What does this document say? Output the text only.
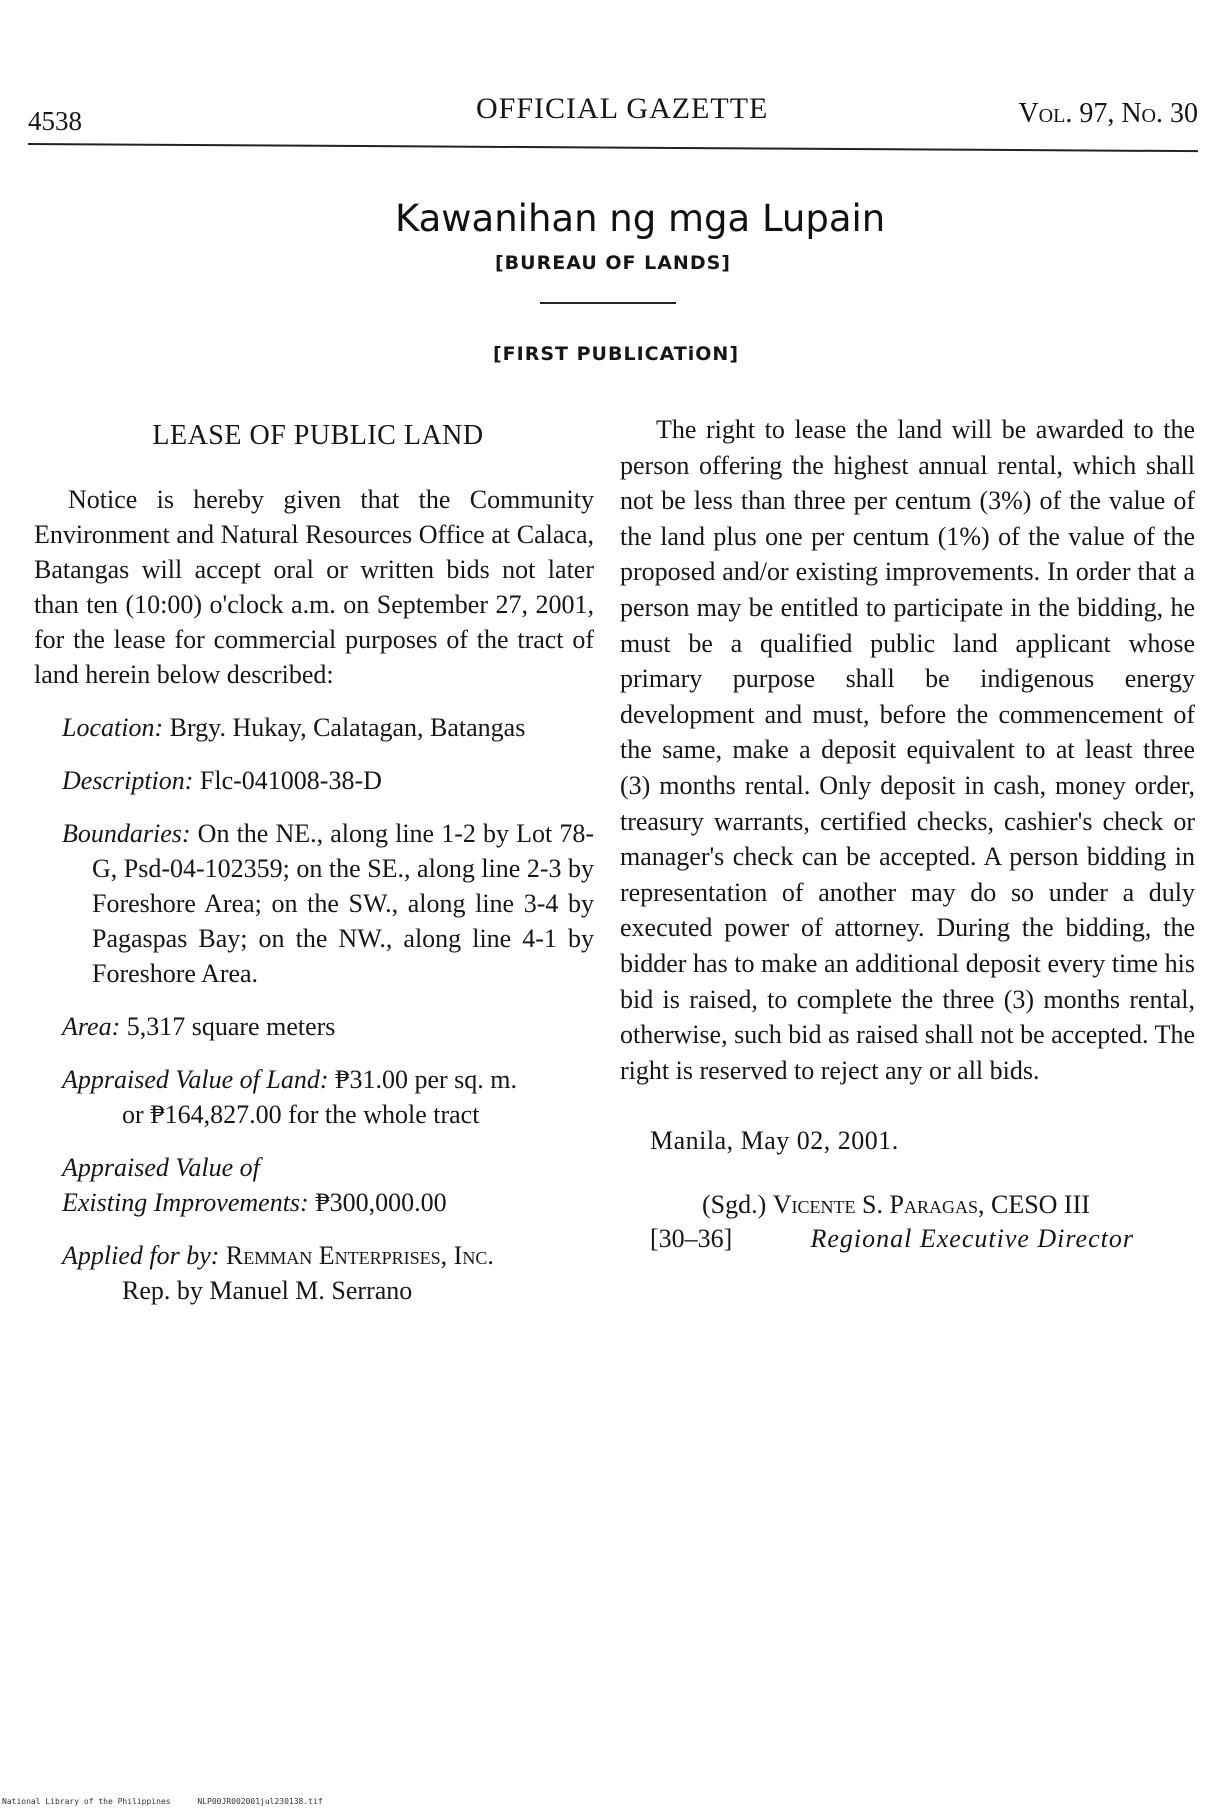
4538	OFFICIAL GAZETTE	Vol. 97, No. 30
Kawanihan ng mga Lupain
[BUREAU OF LANDS]
[FIRST PUBLICATiON]
LEASE OF PUBLIC LAND

Notice is hereby given that the Community Environment and Natural Resources Office at Calaca, Batangas will accept oral or written bids not later than ten (10:00) o'clock a.m. on September 27, 2001, for the lease for commercial purposes of the tract of land herein below described:

Location: Brgy. Hukay, Calatagan, Batangas
Description: Flc-041008-38-D
Boundaries: On the NE., along line 1-2 by Lot 78-G, Psd-04-102359; on the SE., along line 2-3 by Foreshore Area; on the SW., along line 3-4 by Pagaspas Bay; on the NW., along line 4-1 by Foreshore Area.
Area: 5,317 square meters
Appraised Value of Land: ₱31.00 per sq. m.
or ₱164,827.00 for the whole tract
Appraised Value of
Existing Improvements: ₱300,000.00
Applied for by: Remman Enterprises, Inc.
Rep. by Manuel M. Serrano

The right to lease the land will be awarded to the person offering the highest annual rental, which shall not be less than three per centum (3%) of the value of the land plus one per centum (1%) of the value of the proposed and/or existing improvements. In order that a person may be entitled to participate in the bidding, he must be a qualified public land applicant whose primary purpose shall be indigenous energy development and must, before the commencement of the same, make a deposit equivalent to at least three (3) months rental. Only deposit in cash, money order, treasury warrants, certified checks, cashier's check or manager's check can be accepted. A person bidding in representation of another may do so under a duly executed power of attorney. During the bidding, the bidder has to make an additional deposit every time his bid is raised, to complete the three (3) months rental, otherwise, such bid as raised shall not be accepted. The right is reserved to reject any or all bids.

Manila, May 02, 2001.
(Sgd.) Vicente S. Paragas, CESO III
[30–36]	Regional Executive Director
National Library of the Philippines	NLP00JR002001jul230138.tif
